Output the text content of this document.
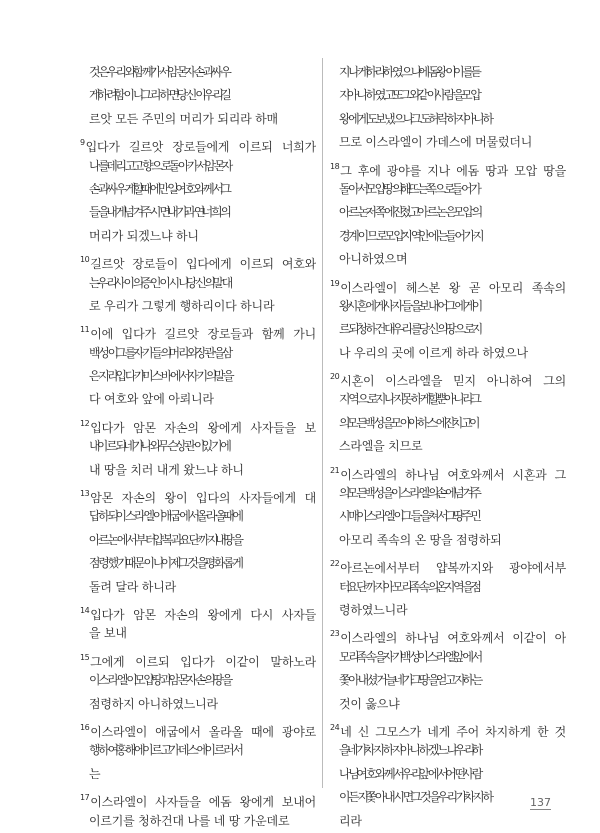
것은 우리와 함께 가서 암몬 자손과 싸우
게 하려 함이니 그리하면 당신이 우리 길
르앗 모든 주민의 머리가 되리라 하매
$^9$입다가 길르앗 장로들에게 이르되 너희가
나를 데리고 고향으로 돌아가서 암몬 자
손과 싸우게 할 때에 만일 여호와께서 그
들을 내게 넘겨 주시면 내가 과연 너희의
머리가 되겠느냐 하니
$^{10}$길르앗 장로들이 입다에게 이르되 여호와
는 우리 사이의 증인이시니 당신의 말대
로 우리가 그렇게 행하리이다 하니라
$^{11}$이에 입다가 길르앗 장로들과 함께 가니
백성이 그를 자기들의 머리와 장관을 삼
은지라 입다가 미스바에서 자기의 말을
다 여호와 앞에 아뢰니라
$^{12}$입다가 암몬 자손의 왕에게 사자들을 보
내 이르되 네가 나와 무슨 상관이 있기에
내 땅을 치러 내게 왔느냐 하니
$^{13}$암몬 자손의 왕이 입다의 사자들에게 대
답하되 이스라엘이 애굽에서 올라올 때에
아르논에서부터 얍복과 요단까지 내 땅을
점령했기 때문이니 이제 그것을 평화롭게
돌려 달라 하니라
$^{14}$입다가 암몬 자손의 왕에게 다시 사자들
을 보내
$^{15}$그에게 이르되 입다가 이같이 말하노라
이스라엘이 모압 땅과 암몬 자손의 땅을
점령하지 아니하였느니라
$^{16}$이스라엘이 애굽에서 올라올 때에 광야로
행하여 홍해에 이르고 가데스에 이르러서
는
$^{17}$이스라엘이 사자들을 에돔 왕에게 보내어
이르기를 청하건대 나를 네 땅 가운데로
지나게 하라 하였으나 에돔 왕이 이를 듣
지 아니하였고 또 그와 같이 사람을 모압
왕에게도 보냈으나 그도 허락하지 아니하
므로 이스라엘이 가데스에 머물렀더니
$^{18}$그 후에 광야를 지나 에돔 땅과 모압 땅을
돌아서 모압 땅의 해 뜨는 쪽으로 들어가
아르논 저쪽에 진 쳤고 아르논은 모압의
경계이므로 모압 지역 안에는 들어가지
아니하였으며
$^{19}$이스라엘이 헤스본 왕 곧 아모리 족속의
왕 시혼에게 사자들을 보내어 그에게 이
르되 청하건대 우리를 당신의 땅으로 지
나 우리의 곳에 이르게 하라 하였으나
$^{20}$시혼이 이스라엘을 믿지 아니하여 그의
지역으로 지나지 못하게 할 뿐 아니라 그
의 모든 백성을 모아 야하스에 진 치고 이
스라엘을 치므로
$^{21}$이스라엘의 하나님 여호와께서 시혼과 그
의 모든 백성을 이스라엘의 손에 넘겨 주
시매 이스라엘이 그들을 쳐서 그 땅 주민
아모리 족속의 온 땅을 점령하되
$^{22}$아르논에서부터 얍복까지와 광야에서부
터 요단까지 아모리 족속의 온 지역을 점
령하였느니라
$^{23}$이스라엘의 하나님 여호와께서 이같이 아
모리 족속을 자기 백성 이스라엘 앞에서
쫓아내셨거늘 네가 그 땅을 얻고자 하는
것이 옳으냐
$^{24}$네 신 그모스가 네게 주어 차지하게 한 것
을 네가 차지하지 아니하겠느냐 우리 하
나님 여호와께서 우리 앞에서 어떤 사람
이든지 쫓아내시면 그것을 우리가 차지하
리라
137
